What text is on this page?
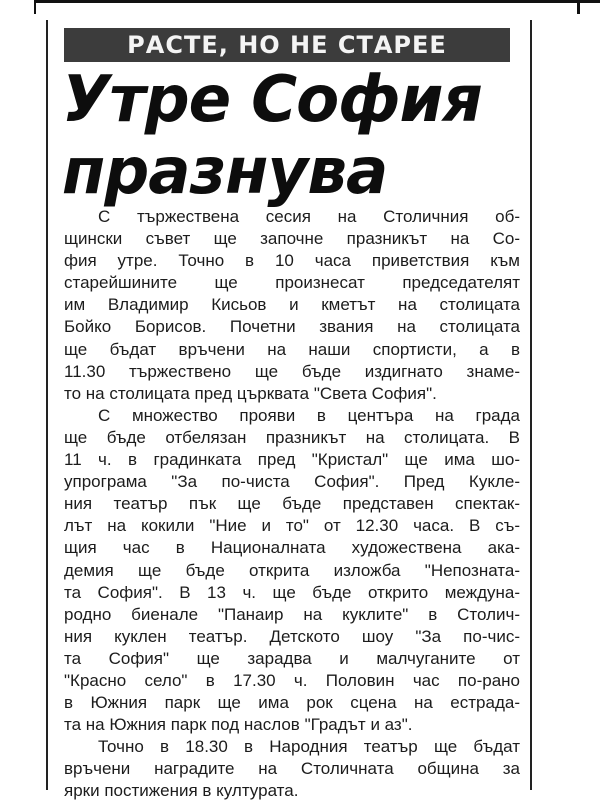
РАСТЕ, НО НЕ СТАРЕЕ
Утре София
празнува
С тържествена сесия на Столичния об-
щински съвет ще започне празникът на Со-
фия утре. Точно в 10 часа приветствия към
старейшините ще произнесат председателят
им Владимир Кисьов и кметът на столицата
Бойко Борисов. Почетни звания на столицата
ще бъдат връчени на наши спортисти, а в
11.30 тържествено ще бъде издигнато знаме-
то на столицата пред църквата "Света София".
С множество прояви в центъра на града
ще бъде отбелязан празникът на столицата. В
11 ч. в градинката пред "Кристал" ще има шо-
упрограма "За по-чиста София". Пред Кукле-
ния театър пък ще бъде представен спектак-
лът на кокили "Ние и то" от 12.30 часа. В съ-
щия час в Националната художествена ака-
демия ще бъде открита изложба "Непозната-
та София". В 13 ч. ще бъде открито междуна-
родно биенале "Панаир на куклите" в Столич-
ния куклен театър. Детското шоу "За по-чис-
та София" ще зарадва и малчуганите от
"Красно село" в 17.30 ч. Половин час по-рано
в Южния парк ще има рок сцена на естрада-
та на Южния парк под наслов "Градът и аз".
Точно в 18.30 в Народния театър ще бъдат
връчени наградите на Столичната община за
ярки постижения в културата.
